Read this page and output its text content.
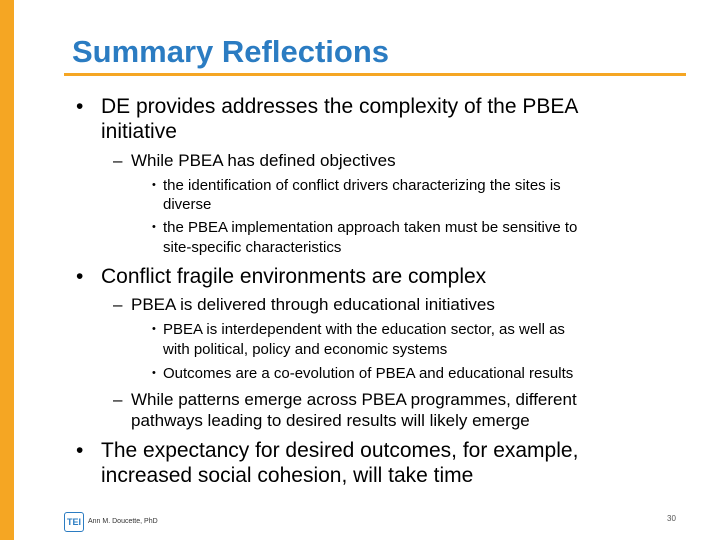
Summary Reflections
• DE provides addresses the complexity of the PBEA
initiative
– While PBEA has defined objectives
• the identification of conflict drivers characterizing the sites is
diverse
• the PBEA implementation approach taken must be sensitive to
site-specific characteristics
• Conflict fragile environments are complex
– PBEA is delivered through educational initiatives
• PBEA is interdependent with the education sector, as well as
with political, policy and economic systems
• Outcomes are a co-evolution of PBEA and educational results
– While patterns emerge across PBEA programmes, different
pathways leading to desired results will likely emerge
• The expectancy for desired outcomes, for example,
increased social cohesion, will take time
TEI	Ann M. Doucette, PhD	30
